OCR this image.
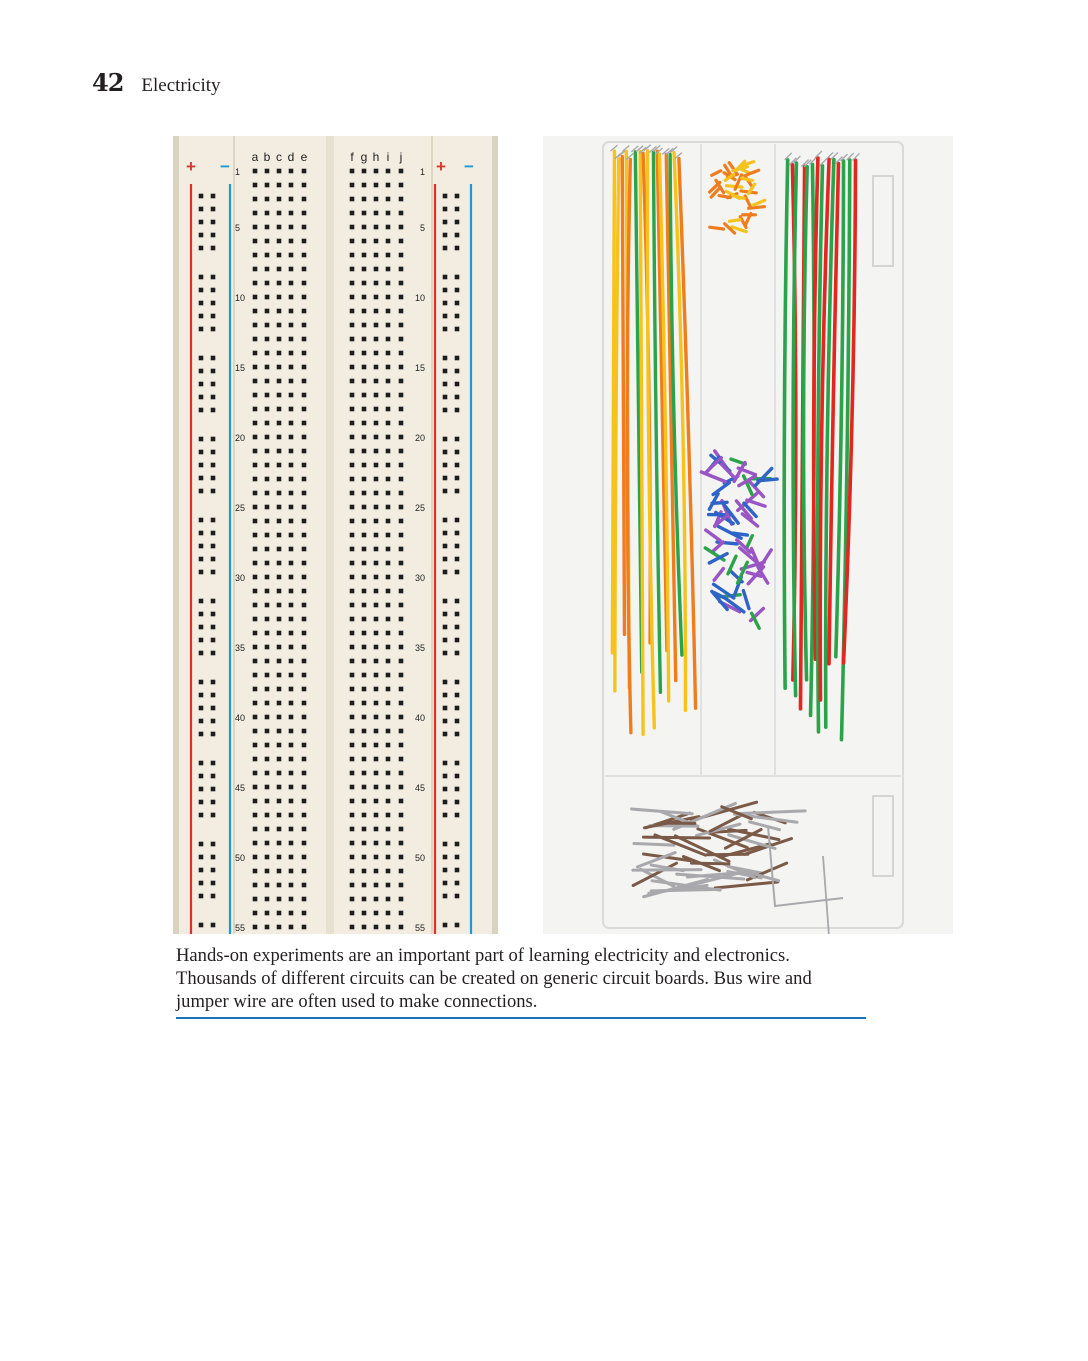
42 Electricity
+ −	+ −
a b c d e	f g h i j
1	1
5	5
10	10
15	15
20	20
25	25
30	30
35	35
40	40
45	45
50	50
55	55

Hands-on experiments are an important part of learning electricity and electronics. Thousands of different circuits can be created on generic circuit boards. Bus wire and jumper wire are often used to make connections.
